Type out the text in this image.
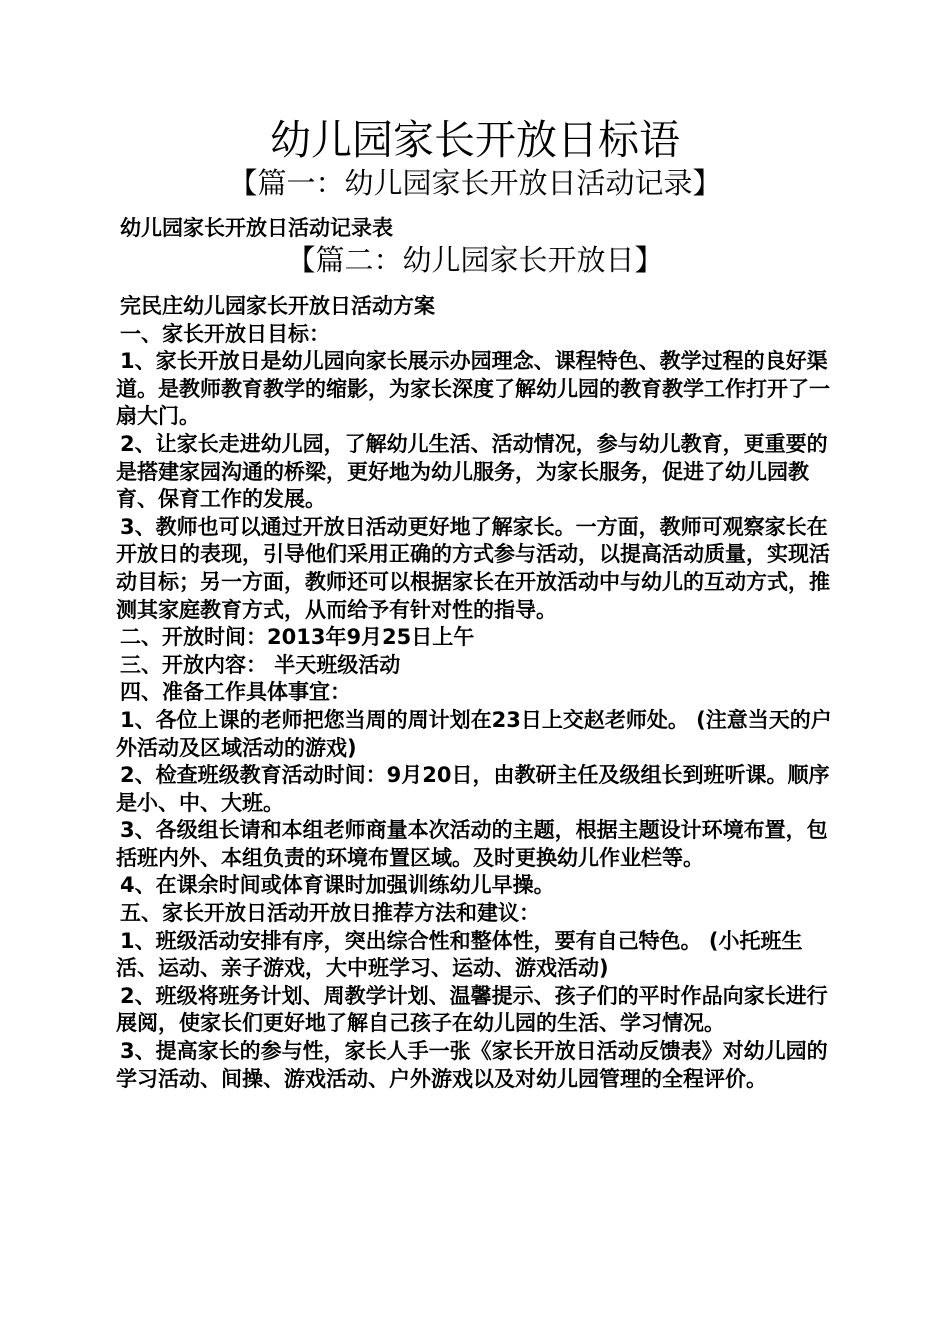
幼儿园家长开放日标语
【篇一：幼儿园家长开放日活动记录】
幼儿园家长开放日活动记录表
【篇二：幼儿园家长开放日】

完民庄幼儿园家长开放日活动方案

一、家长开放日目标：

1、家长开放日是幼儿园向家长展示办园理念、课程特色、教学过程的良好渠道。是教师教育教学的缩影，为家长深度了解幼儿园的教育教学工作打开了一扇大门。

2、让家长走进幼儿园，了解幼儿生活、活动情况，参与幼儿教育，更重要的是搭建家园沟通的桥梁，更好地为幼儿服务，为家长服务，促进了幼儿园教育、保育工作的发展。

3、教师也可以通过开放日活动更好地了解家长。一方面，教师可观察家长在开放日的表现，引导他们采用正确的方式参与活动，以提高活动质量，实现活动目标；另一方面，教师还可以根据家长在开放活动中与幼儿的互动方式，推测其家庭教育方式，从而给予有针对性的指导。

二、开放时间：2013年9月25日上午

三、开放内容： 半天班级活动

四、准备工作具体事宜：

1、各位上课的老师把您当周的周计划在23日上交赵老师处。 (注意当天的户外活动及区域活动的游戏)

2、检查班级教育活动时间：9月20日，由教研主任及级组长到班听课。顺序是小、中、大班。

3、各级组长请和本组老师商量本次活动的主题，根据主题设计环境布置，包括班内外、本组负责的环境布置区域。及时更换幼儿作业栏等。

4、在课余时间或体育课时加强训练幼儿早操。

五、家长开放日活动开放日推荐方法和建议：

1、班级活动安排有序，突出综合性和整体性，要有自己特色。 (小托班生活、运动、亲子游戏，大中班学习、运动、游戏活动)

2、班级将班务计划、周教学计划、温馨提示、孩子们的平时作品向家长进行展阅，使家长们更好地了解自己孩子在幼儿园的生活、学习情况。

3、提高家长的参与性，家长人手一张《家长开放日活动反馈表》对幼儿园的学习活动、间操、游戏活动、户外游戏以及对幼儿园管理的全程评价。
